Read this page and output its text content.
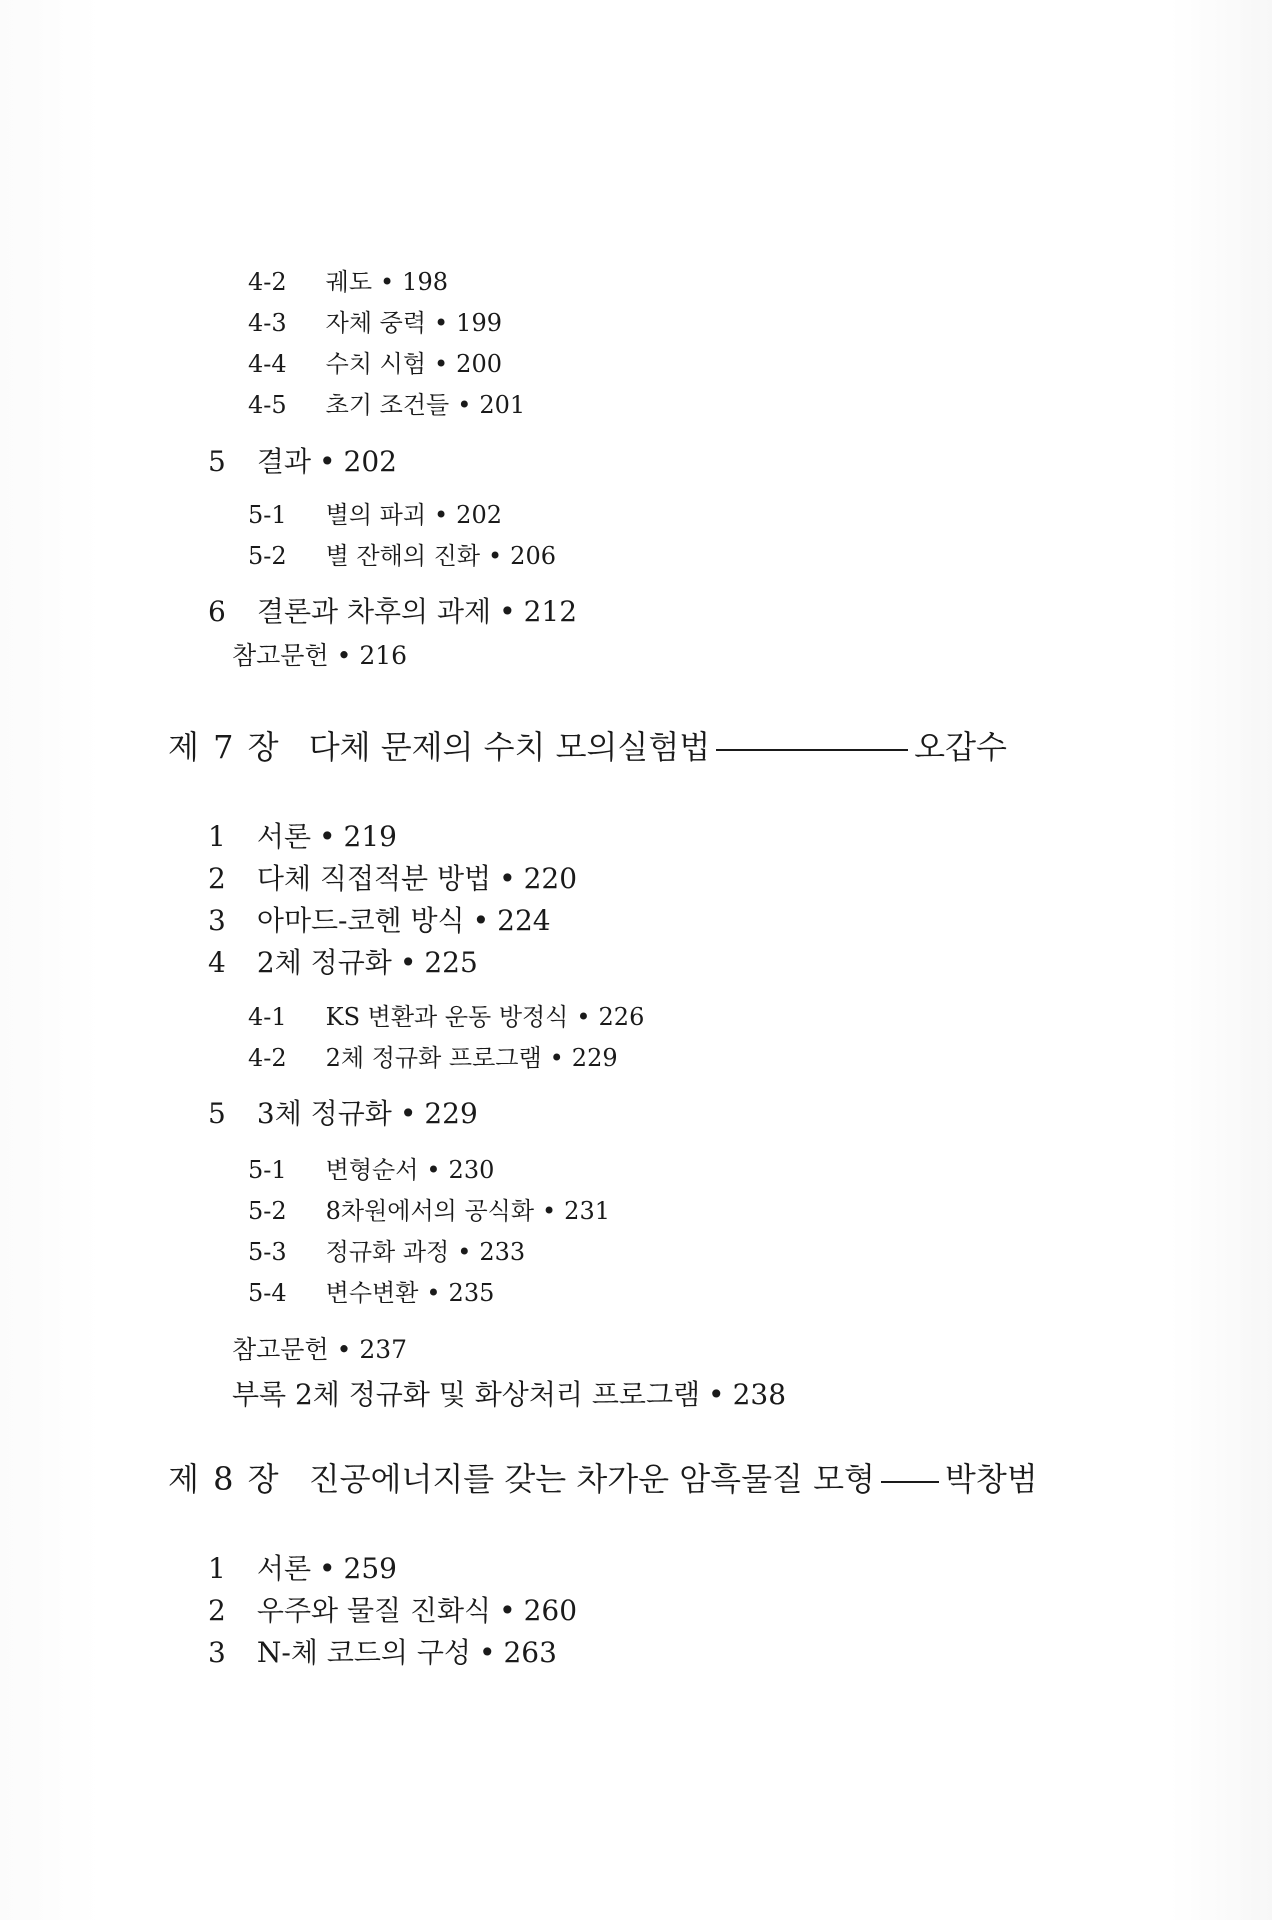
4-2 궤도 • 198
4-3 자체 중력 • 199
4-4 수치 시험 • 200
4-5 초기 조건들 • 201
5 결과 • 202
5-1 별의 파괴 • 202
5-2 별 잔해의 진화 • 206
6 결론과 차후의 과제 • 212
참고문헌 • 216
제 7 장 다체 문제의 수치 모의실험법	오갑수
1 서론 • 219
2 다체 직접적분 방법 • 220
3 아마드-코헨 방식 • 224
4 2체 정규화 • 225
4-1 KS 변환과 운동 방정식 • 226
4-2 2체 정규화 프로그램 • 229
5 3체 정규화 • 229
5-1 변형순서 • 230
5-2 8차원에서의 공식화 • 231
5-3 정규화 과정 • 233
5-4 변수변환 • 235
참고문헌 • 237
부록 2체 정규화 및 화상처리 프로그램 • 238
제 8 장 진공에너지를 갖는 차가운 암흑물질 모형 박창범
1 서론 • 259
2 우주와 물질 진화식 • 260
3 N-체 코드의 구성 • 263
